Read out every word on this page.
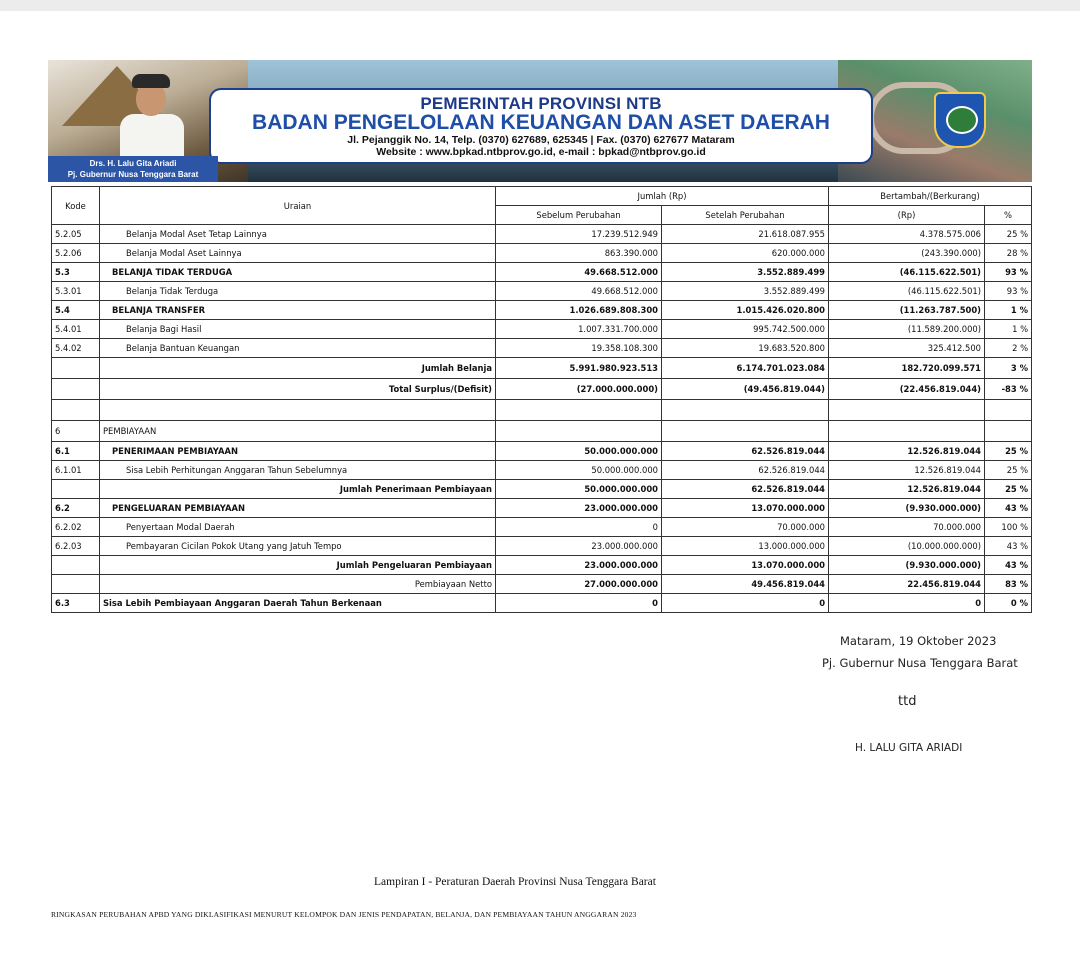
PEMERINTAH PROVINSI NTB
BADAN PENGELOLAAN KEUANGAN DAN ASET DAERAH
Jl. Pejanggik No. 14, Telp. (0370) 627689, 625345 | Fax. (0370) 627677 Mataram
Website : www.bpkad.ntbprov.go.id, e-mail : bpkad@ntbprov.go.id
Drs. H. Lalu Gita Ariadi
Pj. Gubernur Nusa Tenggara Barat
Kode	Uraian	Jumlah (Rp)		Bertambah/(Berkurang)	
		Sebelum Perubahan	Setelah Perubahan	(Rp)	%
5.2.05	Belanja Modal Aset Tetap Lainnya	17.239.512.949	21.618.087.955	4.378.575.006	25 %
5.2.06	Belanja Modal Aset Lainnya	863.390.000	620.000.000	(243.390.000)	28 %
5.3	BELANJA TIDAK TERDUGA	49.668.512.000	3.552.889.499	(46.115.622.501)	93 %
5.3.01	Belanja Tidak Terduga	49.668.512.000	3.552.889.499	(46.115.622.501)	93 %
5.4	BELANJA TRANSFER	1.026.689.808.300	1.015.426.020.800	(11.263.787.500)	1 %
5.4.01	Belanja Bagi Hasil	1.007.331.700.000	995.742.500.000	(11.589.200.000)	1 %
5.4.02	Belanja Bantuan Keuangan	19.358.108.300	19.683.520.800	325.412.500	2 %
	Jumlah Belanja	5.991.980.923.513	6.174.701.023.084	182.720.099.571	3 %
	Total Surplus/(Defisit)	(27.000.000.000)	(49.456.819.044)	(22.456.819.044)	-83 %

6	PEMBIAYAAN				
6.1	PENERIMAAN PEMBIAYAAN	50.000.000.000	62.526.819.044	12.526.819.044	25 %
6.1.01	Sisa Lebih Perhitungan Anggaran Tahun Sebelumnya	50.000.000.000	62.526.819.044	12.526.819.044	25 %
	Jumlah Penerimaan Pembiayaan	50.000.000.000	62.526.819.044	12.526.819.044	25 %
6.2	PENGELUARAN PEMBIAYAAN	23.000.000.000	13.070.000.000	(9.930.000.000)	43 %
6.2.02	Penyertaan Modal Daerah	0	70.000.000	70.000.000	100 %
6.2.03	Pembayaran Cicilan Pokok Utang yang Jatuh Tempo	23.000.000.000	13.000.000.000	(10.000.000.000)	43 %
	Jumlah Pengeluaran Pembiayaan	23.000.000.000	13.070.000.000	(9.930.000.000)	43 %
	Pembiayaan Netto	27.000.000.000	49.456.819.044	22.456.819.044	83 %
6.3	Sisa Lebih Pembiayaan Anggaran Daerah Tahun Berkenaan	0	0	0	0 %
Mataram, 19 Oktober 2023
Pj. Gubernur Nusa Tenggara Barat
ttd
H. LALU GITA ARIADI
Lampiran I - Peraturan Daerah Provinsi Nusa Tenggara Barat
RINGKASAN PERUBAHAN APBD YANG DIKLASIFIKASI MENURUT KELOMPOK DAN JENIS PENDAPATAN, BELANJA, DAN PEMBIAYAAN TAHUN ANGGARAN 2023
